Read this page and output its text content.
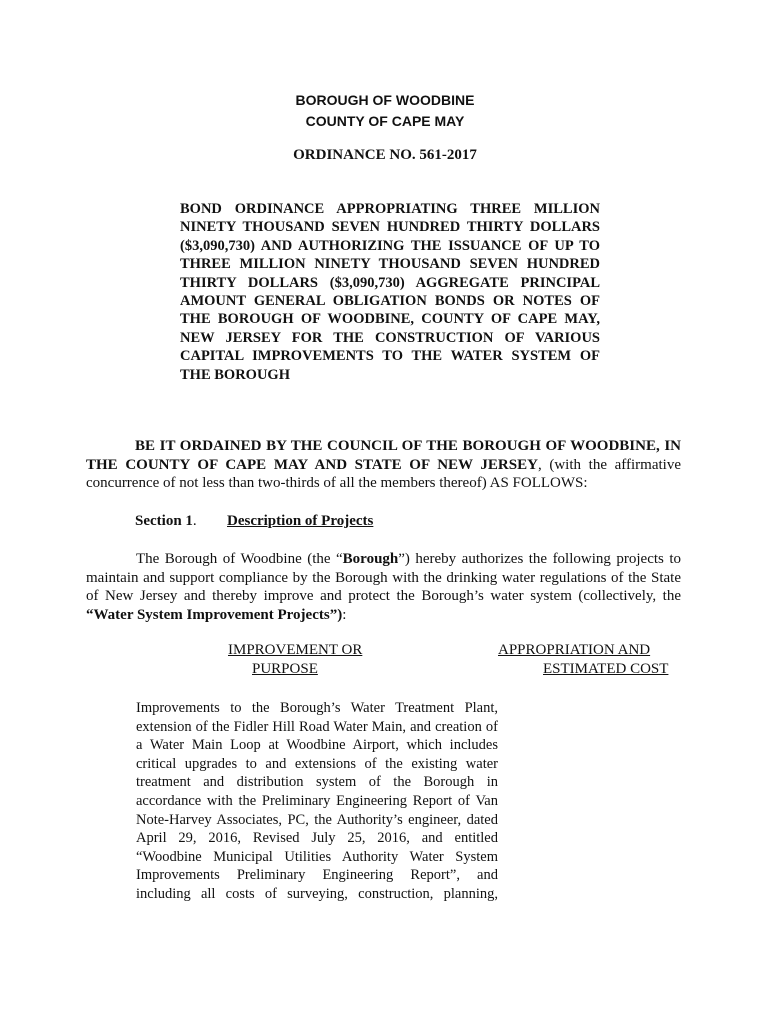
BOROUGH OF WOODBINE
COUNTY OF CAPE MAY
ORDINANCE NO. 561-2017
BOND ORDINANCE APPROPRIATING THREE MILLION NINETY THOUSAND SEVEN HUNDRED THIRTY DOLLARS ($3,090,730) AND AUTHORIZING THE ISSUANCE OF UP TO THREE MILLION NINETY THOUSAND SEVEN HUNDRED THIRTY DOLLARS ($3,090,730) AGGREGATE PRINCIPAL AMOUNT GENERAL OBLIGATION BONDS OR NOTES OF THE BOROUGH OF WOODBINE, COUNTY OF CAPE MAY, NEW JERSEY FOR THE CONSTRUCTION OF VARIOUS CAPITAL IMPROVEMENTS TO THE WATER SYSTEM OF THE BOROUGH
BE IT ORDAINED BY THE COUNCIL OF THE BOROUGH OF WOODBINE, IN THE COUNTY OF CAPE MAY AND STATE OF NEW JERSEY, (with the affirmative concurrence of not less than two-thirds of all the members thereof) AS FOLLOWS:
Section 1. Description of Projects
The Borough of Woodbine (the “Borough”) hereby authorizes the following projects to maintain and support compliance by the Borough with the drinking water regulations of the State of New Jersey and thereby improve and protect the Borough’s water system (collectively, the “Water System Improvement Projects”):
IMPROVEMENT OR
PURPOSE
APPROPRIATION AND
ESTIMATED COST
Improvements to the Borough’s Water Treatment Plant, extension of the Fidler Hill Road Water Main, and creation of a Water Main Loop at Woodbine Airport, which includes critical upgrades to and extensions of the existing water treatment and distribution system of the Borough in accordance with the Preliminary Engineering Report of Van Note-Harvey Associates, PC, the Authority’s engineer, dated April 29, 2016, Revised July 25, 2016, and entitled “Woodbine Municipal Utilities Authority Water System Improvements Preliminary Engineering Report”, and including all costs of surveying, construction, planning,
